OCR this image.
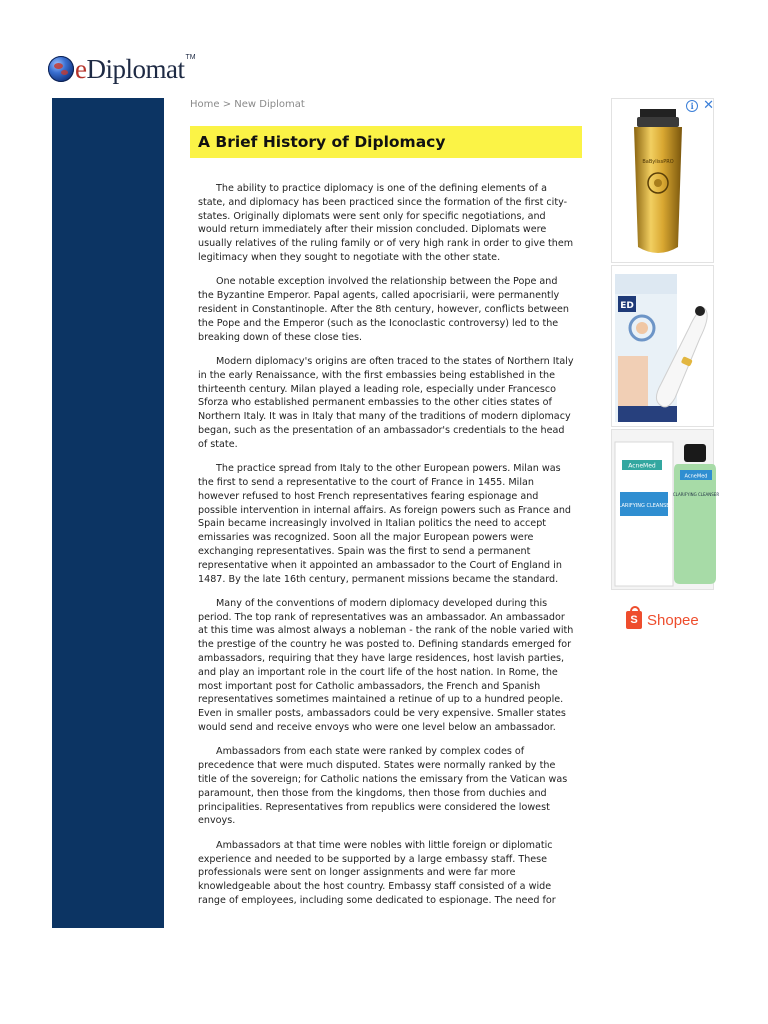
eDiplomat TM
Home > New Diplomat
A Brief History of Diplomacy

The ability to practice diplomacy is one of the defining elements of a state, and diplomacy has been practiced since the formation of the first city-states. Originally diplomats were sent only for specific negotiations, and would return immediately after their mission concluded. Diplomats were usually relatives of the ruling family or of very high rank in order to give them legitimacy when they sought to negotiate with the other state.

One notable exception involved the relationship between the Pope and the Byzantine Emperor. Papal agents, called apocrisiarii, were permanently resident in Constantinople. After the 8th century, however, conflicts between the Pope and the Emperor (such as the Iconoclastic controversy) led to the breaking down of these close ties.

Modern diplomacy's origins are often traced to the states of Northern Italy in the early Renaissance, with the first embassies being established in the thirteenth century. Milan played a leading role, especially under Francesco Sforza who established permanent embassies to the other cities states of Northern Italy. It was in Italy that many of the traditions of modern diplomacy began, such as the presentation of an ambassador's credentials to the head of state.

The practice spread from Italy to the other European powers. Milan was the first to send a representative to the court of France in 1455. Milan however refused to host French representatives fearing espionage and possible intervention in internal affairs. As foreign powers such as France and Spain became increasingly involved in Italian politics the need to accept emissaries was recognized. Soon all the major European powers were exchanging representatives. Spain was the first to send a permanent representative when it appointed an ambassador to the Court of England in 1487. By the late 16th century, permanent missions became the standard.

Many of the conventions of modern diplomacy developed during this period. The top rank of representatives was an ambassador. An ambassador at this time was almost always a nobleman - the rank of the noble varied with the prestige of the country he was posted to. Defining standards emerged for ambassadors, requiring that they have large residences, host lavish parties, and play an important role in the court life of the host nation. In Rome, the most important post for Catholic ambassadors, the French and Spanish representatives sometimes maintained a retinue of up to a hundred people. Even in smaller posts, ambassadors could be very expensive. Smaller states would send and receive envoys who were one level below an ambassador.

Ambassadors from each state were ranked by complex codes of precedence that were much disputed. States were normally ranked by the title of the sovereign; for Catholic nations the emissary from the Vatican was paramount, then those from the kingdoms, then those from duchies and principalities. Representatives from republics were considered the lowest envoys.

Ambassadors at that time were nobles with little foreign or diplomatic experience and needed to be supported by a large embassy staff. These professionals were sent on longer assignments and were far more knowledgeable about the host country. Embassy staff consisted of a wide range of employees, including some dedicated to espionage. The need for

BaBylissPRO
ED
AcneMed
CLARIFYING CLEANSER
AcneMed
CLARIFYING CLEANSER
i ✕
S Shopee
